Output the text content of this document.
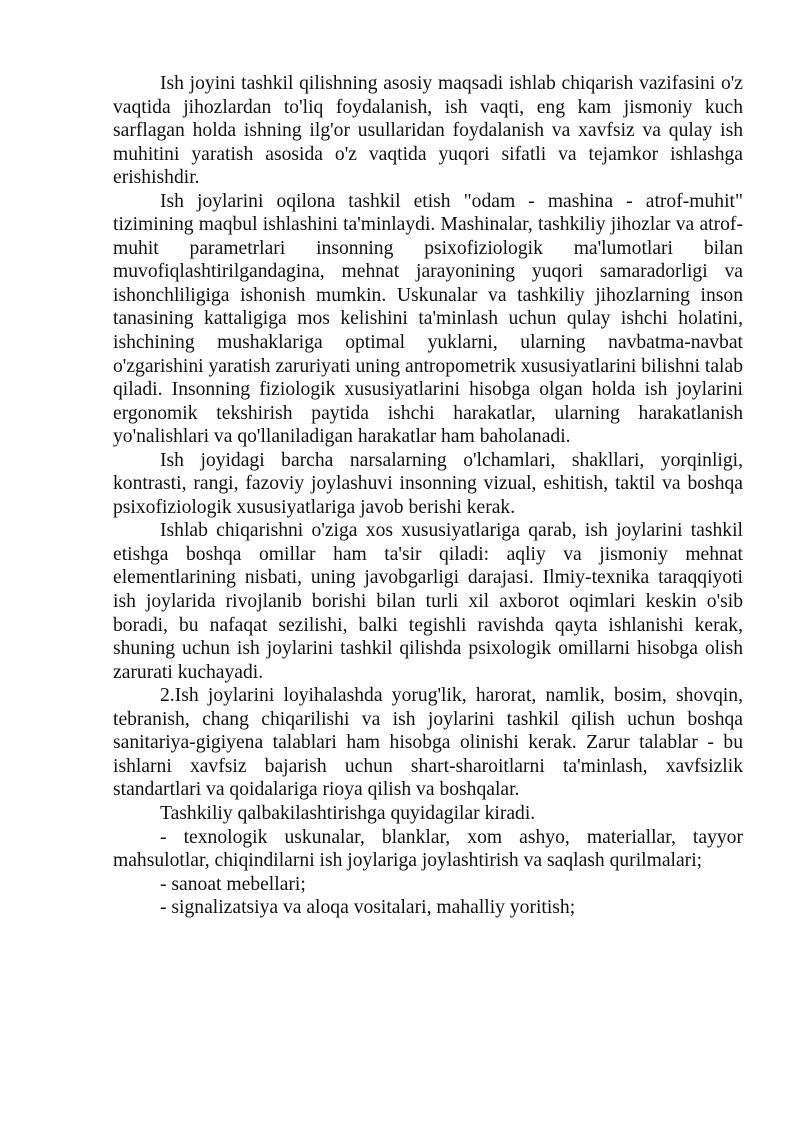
Ish joyini tashkil qilishning asosiy maqsadi ishlab chiqarish vazifasini o'z vaqtida jihozlardan to'liq foydalanish, ish vaqti, eng kam jismoniy kuch sarflagan holda ishning ilg'or usullaridan foydalanish va xavfsiz va qulay ish muhitini yaratish asosida o'z vaqtida yuqori sifatli va tejamkor ishlashga erishishdir.

Ish joylarini oqilona tashkil etish "odam - mashina - atrof-muhit" tizimining maqbul ishlashini ta'minlaydi. Mashinalar, tashkiliy jihozlar va atrof-muhit parametrlari insonning psixofiziologik ma'lumotlari bilan muvofiqlashtirilgandagina, mehnat jarayonining yuqori samaradorligi va ishonchliligiga ishonish mumkin. Uskunalar va tashkiliy jihozlarning inson tanasining kattaligiga mos kelishini ta'minlash uchun qulay ishchi holatini, ishchining mushaklariga optimal yuklarni, ularning navbatma-navbat o'zgarishini yaratish zaruriyati uning antropometrik xususiyatlarini bilishni talab qiladi. Insonning fiziologik xususiyatlarini hisobga olgan holda ish joylarini ergonomik tekshirish paytida ishchi harakatlar, ularning harakatlanish yo'nalishlari va qo'llaniladigan harakatlar ham baholanadi.

Ish joyidagi barcha narsalarning o'lchamlari, shakllari, yorqinligi, kontrasti, rangi, fazoviy joylashuvi insonning vizual, eshitish, taktil va boshqa psixofiziologik xususiyatlariga javob berishi kerak.

Ishlab chiqarishni o'ziga xos xususiyatlariga qarab, ish joylarini tashkil etishga boshqa omillar ham ta'sir qiladi: aqliy va jismoniy mehnat elementlarining nisbati, uning javobgarligi darajasi. Ilmiy-texnika taraqqiyoti ish joylarida rivojlanib borishi bilan turli xil axborot oqimlari keskin o'sib boradi, bu nafaqat sezilishi, balki tegishli ravishda qayta ishlanishi kerak, shuning uchun ish joylarini tashkil qilishda psixologik omillarni hisobga olish zarurati kuchayadi.

2.Ish joylarini loyihalashda yorug'lik, harorat, namlik, bosim, shovqin, tebranish, chang chiqarilishi va ish joylarini tashkil qilish uchun boshqa sanitariya-gigiyena talablari ham hisobga olinishi kerak. Zarur talablar - bu ishlarni xavfsiz bajarish uchun shart-sharoitlarni ta'minlash, xavfsizlik standartlari va qoidalariga rioya qilish va boshqalar.

Tashkiliy qalbakilashtirishga quyidagilar kiradi.

- texnologik uskunalar, blanklar, xom ashyo, materiallar, tayyor mahsulotlar, chiqindilarni ish joylariga joylashtirish va saqlash qurilmalari;

- sanoat mebellari;

- signalizatsiya va aloqa vositalari, mahalliy yoritish;
